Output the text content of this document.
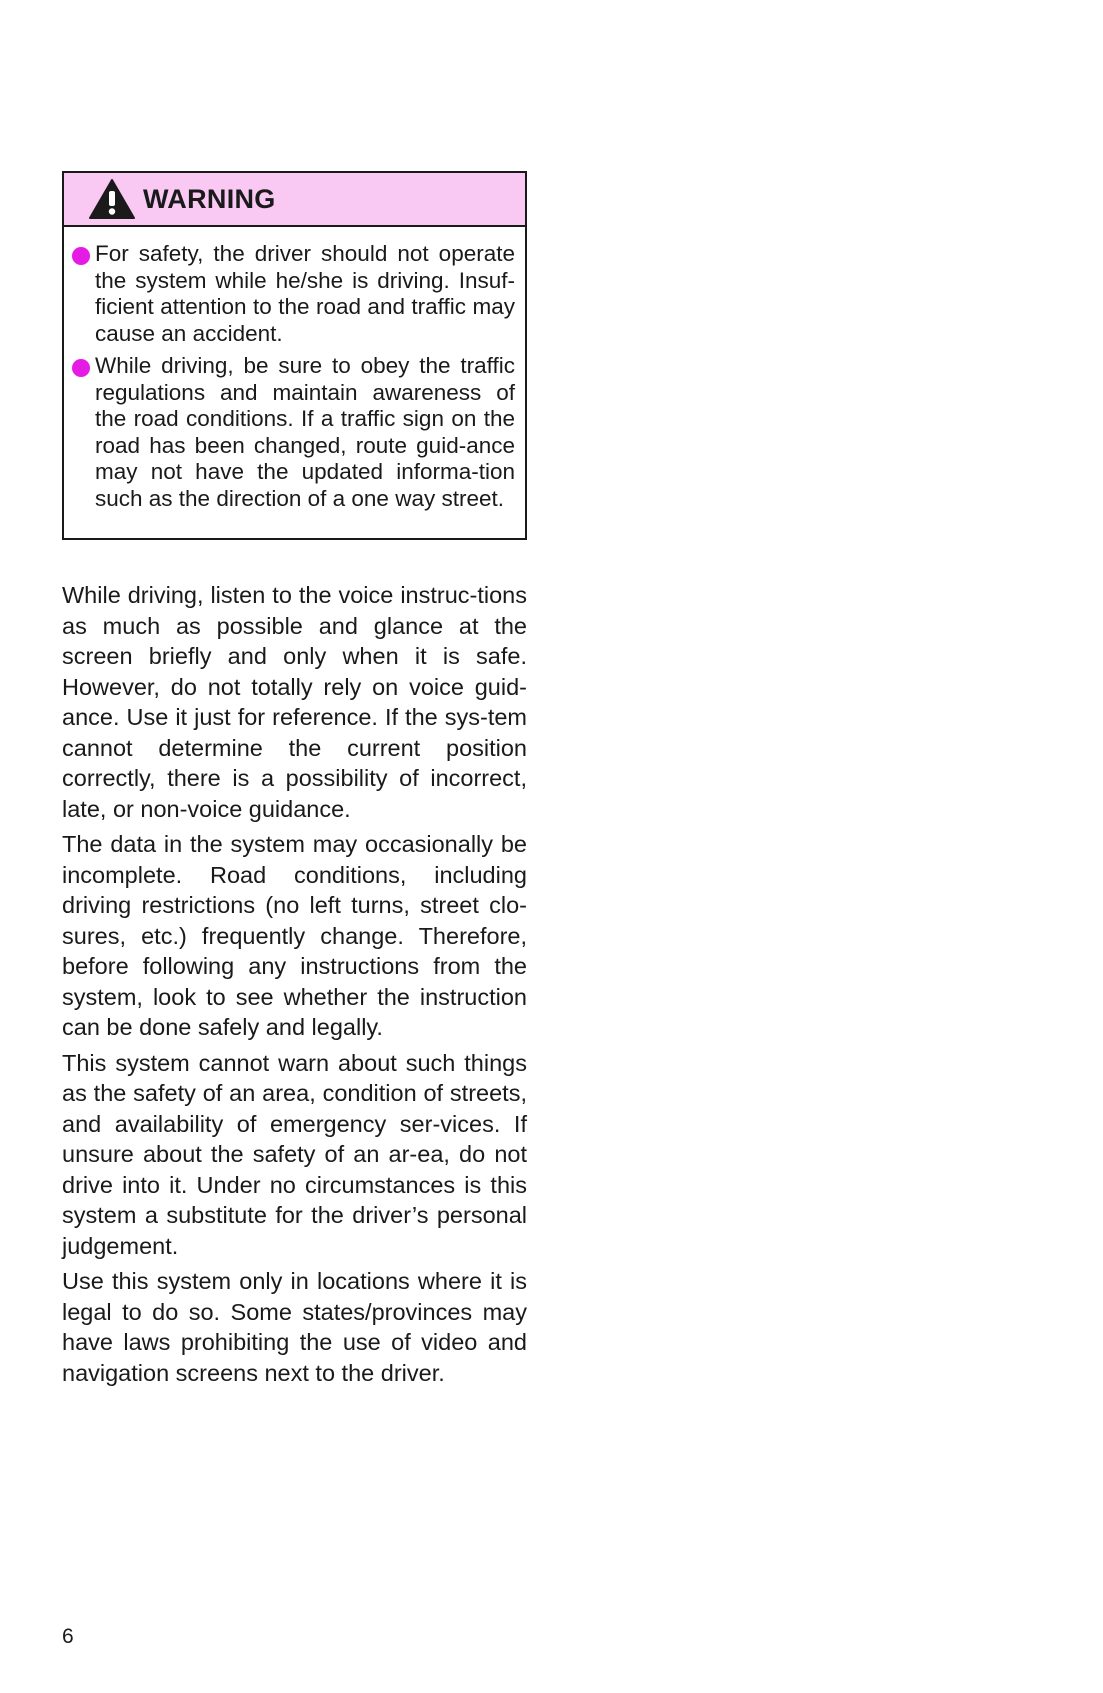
WARNING
For safety, the driver should not operate the system while he/she is driving. Insuf-ficient attention to the road and traffic may cause an accident.
While driving, be sure to obey the traffic regulations and maintain awareness of the road conditions. If a traffic sign on the road has been changed, route guid-ance may not have the updated informa-tion such as the direction of a one way street.

While driving, listen to the voice instruc-tions as much as possible and glance at the screen briefly and only when it is safe. However, do not totally rely on voice guid-ance. Use it just for reference. If the sys-tem cannot determine the current position correctly, there is a possibility of incorrect, late, or non-voice guidance.

The data in the system may occasionally be incomplete. Road conditions, including driving restrictions (no left turns, street clo-sures, etc.) frequently change. Therefore, before following any instructions from the system, look to see whether the instruction can be done safely and legally.

This system cannot warn about such things as the safety of an area, condition of streets, and availability of emergency ser-vices. If unsure about the safety of an ar-ea, do not drive into it. Under no circumstances is this system a substitute for the driver’s personal judgement.

Use this system only in locations where it is legal to do so. Some states/provinces may have laws prohibiting the use of video and navigation screens next to the driver.

6
